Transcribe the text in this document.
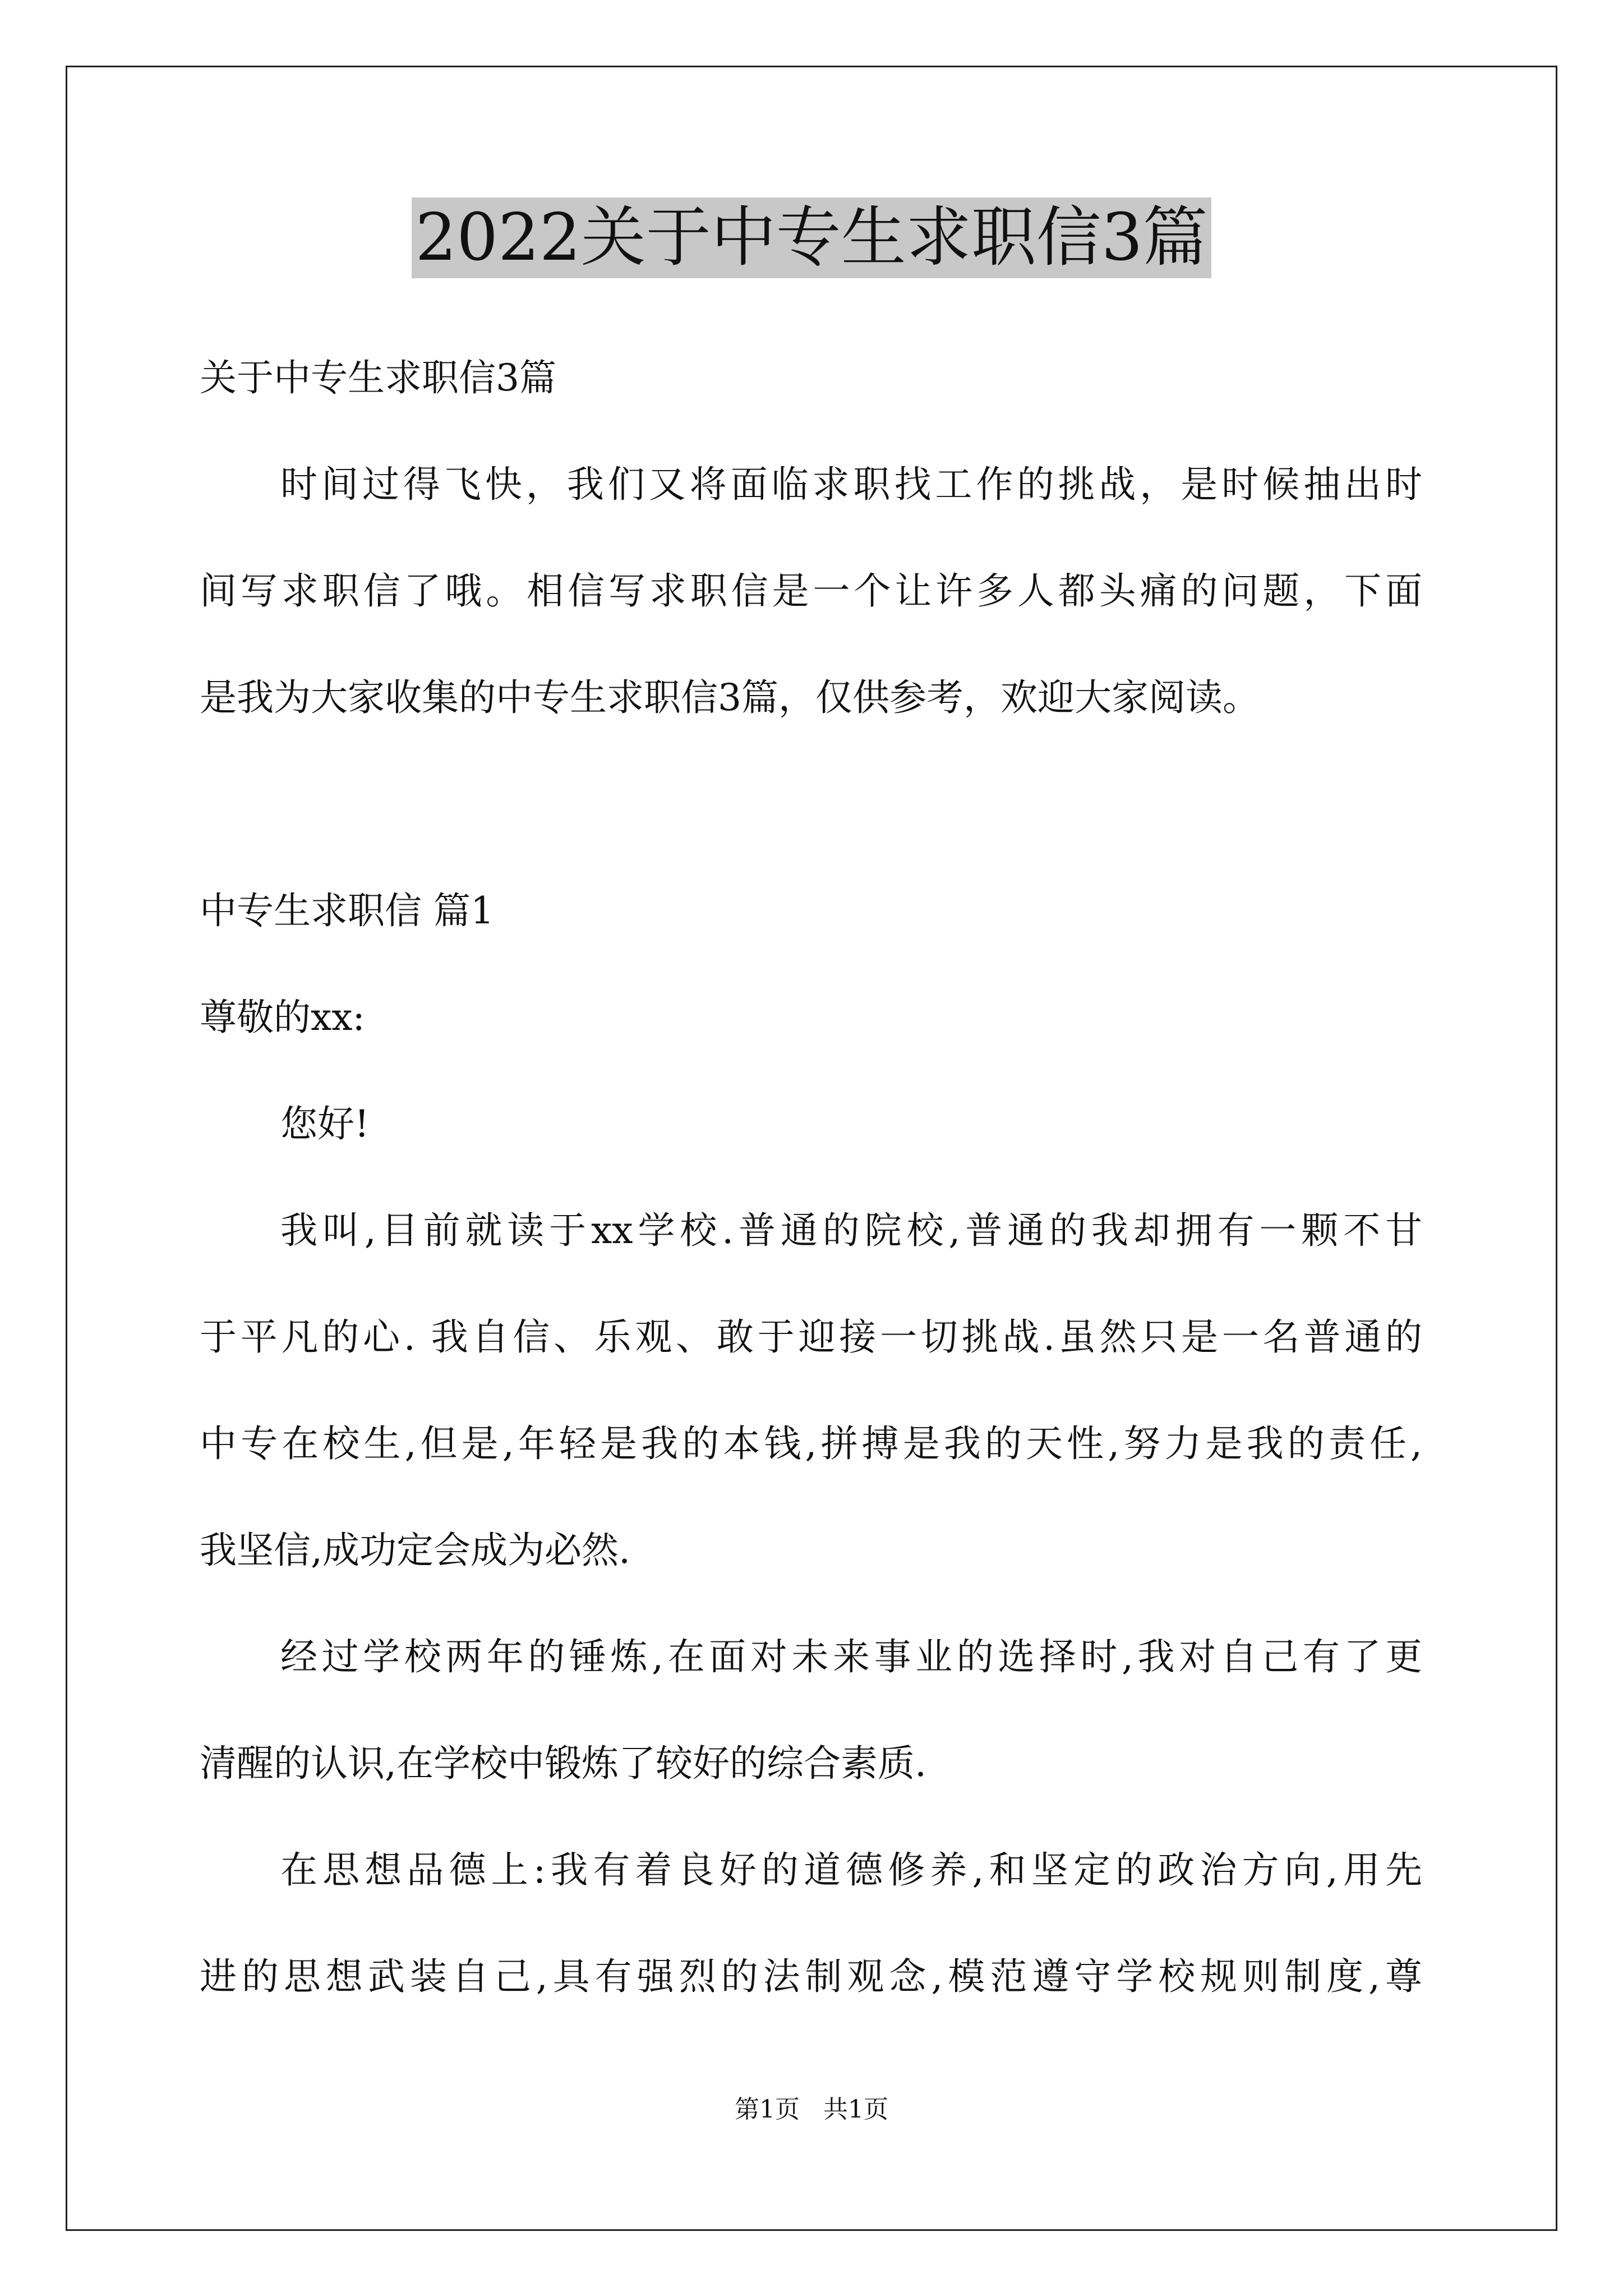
2022关于中专生求职信3篇
关于中专生求职信3篇
时间过得飞快，我们又将面临求职找工作的挑战，是时候抽出时
间写求职信了哦。相信写求职信是一个让许多人都头痛的问题，下面
是我为大家收集的中专生求职信3篇，仅供参考，欢迎大家阅读。
中专生求职信 篇1
尊敬的xx:
您好!
我叫,目前就读于xx学校.普通的院校,普通的我却拥有一颗不甘
于平凡的心. 我自信、乐观、敢于迎接一切挑战.虽然只是一名普通的
中专在校生,但是,年轻是我的本钱,拼搏是我的天性,努力是我的责任,
我坚信,成功定会成为必然.
经过学校两年的锤炼,在面对未来事业的选择时,我对自己有了更
清醒的认识,在学校中锻炼了较好的综合素质.
在思想品德上:我有着良好的道德修养,和坚定的政治方向,用先
进的思想武装自己,具有强烈的法制观念,模范遵守学校规则制度,尊
第1页   共1页
